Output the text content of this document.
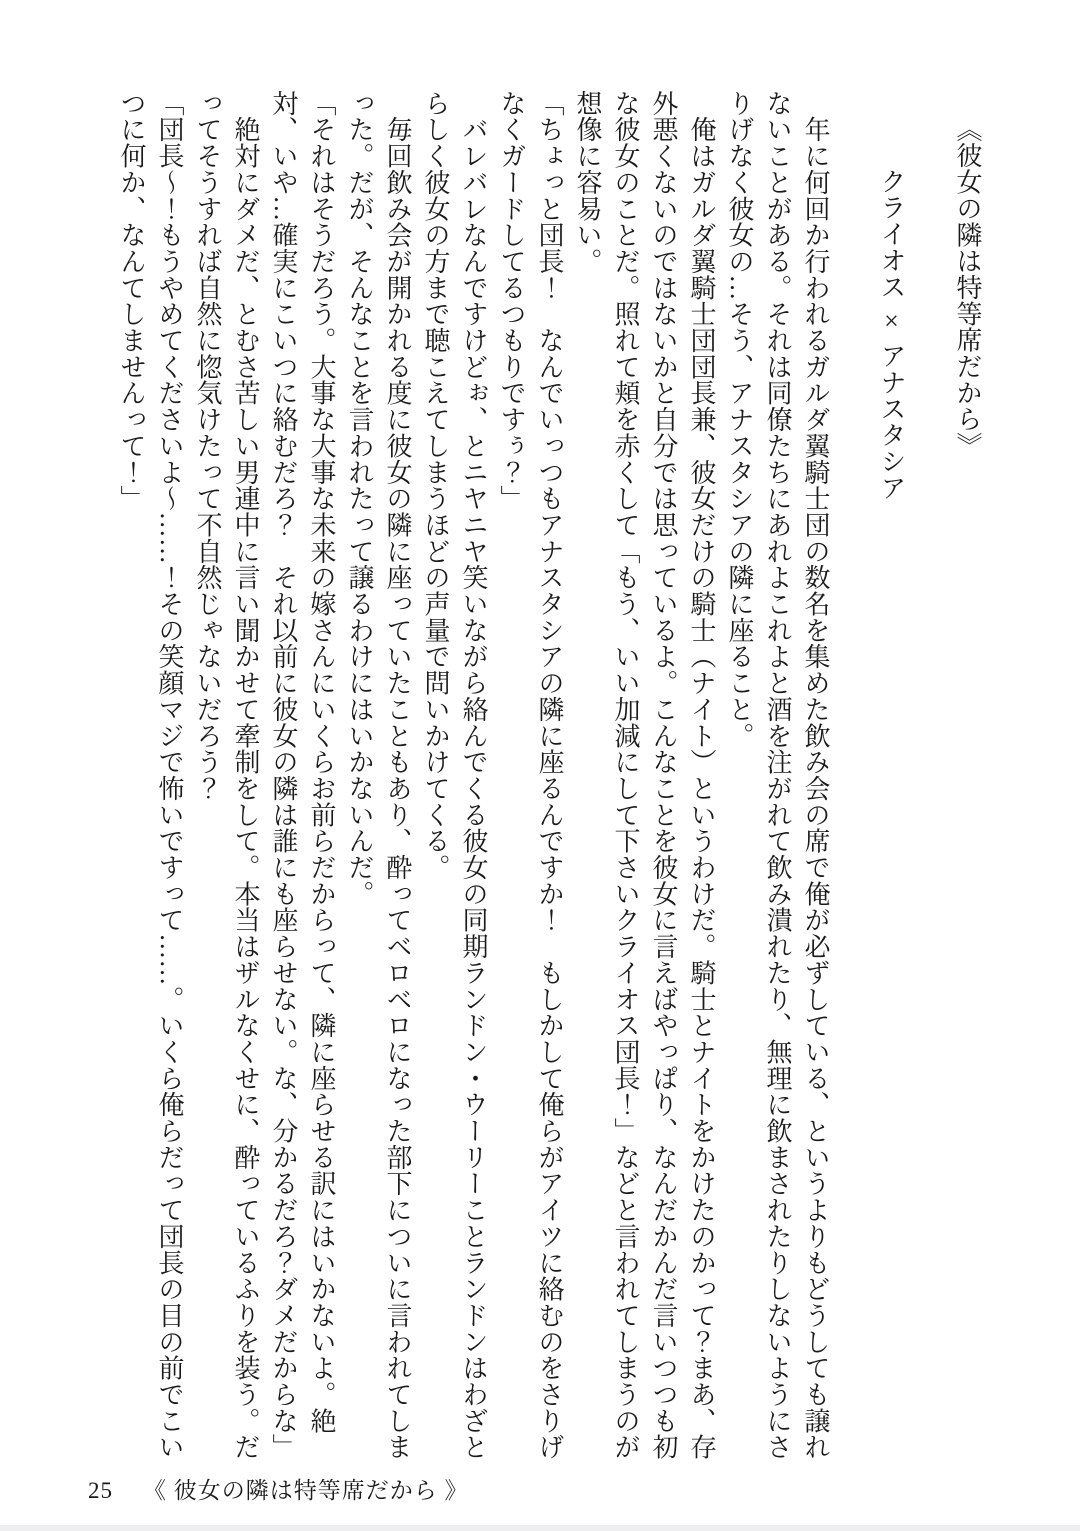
《彼女の隣は特等席だから》
クライオス × アナスタシア

　年に何回か行われるガルダ翼騎士団の数名を集めた飲み会の席で俺が必ずしている、というよりもどうしても譲れないことがある。それは同僚たちにあれよこれよと酒を注がれて飲み潰れたり、無理に飲まされたりしないようにさりげなく彼女の…そう、アナスタシアの隣に座ること。

　俺はガルダ翼騎士団団長兼、彼女だけの騎士（ナイト）というわけだ。騎士とナイトをかけたのかって？まあ、存外悪くないのではないかと自分では思っているよ。こんなことを彼女に言えばやっぱり、なんだかんだ言いつつも初な彼女のことだ。照れて頬を赤くして「もう、いい加減にして下さいクライオス団長！」などと言われてしまうのが想像に容易い。

「ちょっと団長！　なんでいっつもアナスタシアの隣に座るんですか！　もしかして俺らがアイツに絡むのをさりげなくガードしてるつもりですぅ？」

　バレバレなんですけどぉ、とニヤニヤ笑いながら絡んでくる彼女の同期ランドン・ウーリーことランドンはわざとらしく彼女の方まで聴こえてしまうほどの声量で問いかけてくる。

　毎回飲み会が開かれる度に彼女の隣に座っていたこともあり、酔ってベロベロになった部下についに言われてしまった。だが、そんなことを言われたって譲るわけにはいかないんだ。

「それはそうだろう。大事な大事な未来の嫁さんにいくらお前らだからって、隣に座らせる訳にはいかないよ。絶対、いや…確実にこいつに絡むだろ？　それ以前に彼女の隣は誰にも座らせない。な、分かるだろ？ダメだからな」

　絶対にダメだ、とむさ苦しい男連中に言い聞かせて牽制をして。本当はザルなくせに、酔っているふりを装う。だってそうすれば自然に惚気けたって不自然じゃないだろう？

「団長〜！もうやめてくださいよ〜……！その笑顔マジで怖いですって……。いくら俺らだって団長の目の前でこいつに何か、なんてしませんって！」

25 《 彼女の隣は特等席だから 》
